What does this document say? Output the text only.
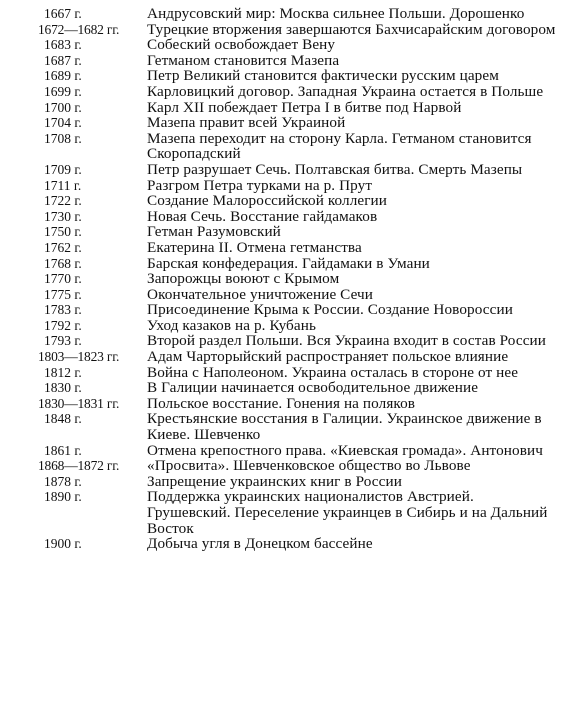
1667 г.	Андрусовский мир: Москва сильнее Польши. Дорошенко
1672—1682 гг.	Турецкие вторжения завершаются Бахчисарайским договором
1683 г.	Собеский освобождает Вену
1687 г.	Гетманом становится Мазепа
1689 г.	Петр Великий становится фактически русским царем
1699 г.	Карловицкий договор. Западная Украина остается в Польше
1700 г.	Карл XII побеждает Петра I в битве под Нарвой
1704 г.	Мазепа правит всей Украиной
1708 г.	Мазепа переходит на сторону Карла. Гетманом становится Скоропадский
1709 г.	Петр разрушает Сечь. Полтавская битва. Смерть Мазепы
1711 г.	Разгром Петра турками на р. Прут
1722 г.	Создание Малороссийской коллегии
1730 г.	Новая Сечь. Восстание гайдамаков
1750 г.	Гетман Разумовский
1762 г.	Екатерина II. Отмена гетманства
1768 г.	Барская конфедерация. Гайдамаки в Умани
1770 г.	Запорожцы воюют с Крымом
1775 г.	Окончательное уничтожение Сечи
1783 г.	Присоединение Крыма к России. Создание Новороссии
1792 г.	Уход казаков на р. Кубань
1793 г.	Второй раздел Польши. Вся Украина входит в состав России
1803—1823 гг.	Адам Чарторыйский распространяет польское влияние
1812 г.	Война с Наполеоном. Украина осталась в стороне от нее
1830 г.	В Галиции начинается освободительное движение
1830—1831 гг.	Польское восстание. Гонения на поляков
1848 г.	Крестьянские восстания в Галиции. Украинское движение в Киеве. Шевченко
1861 г.	Отмена крепостного права. «Киевская громада». Антонович
1868—1872 гг.	«Просвита». Шевченковское общество во Львове
1878 г.	Запрещение украинских книг в России
1890 г.	Поддержка украинских националистов Австрией. Грушевский. Переселение украинцев в Сибирь и на Дальний Восток
1900 г.	Добыча угля в Донецком бассейне
